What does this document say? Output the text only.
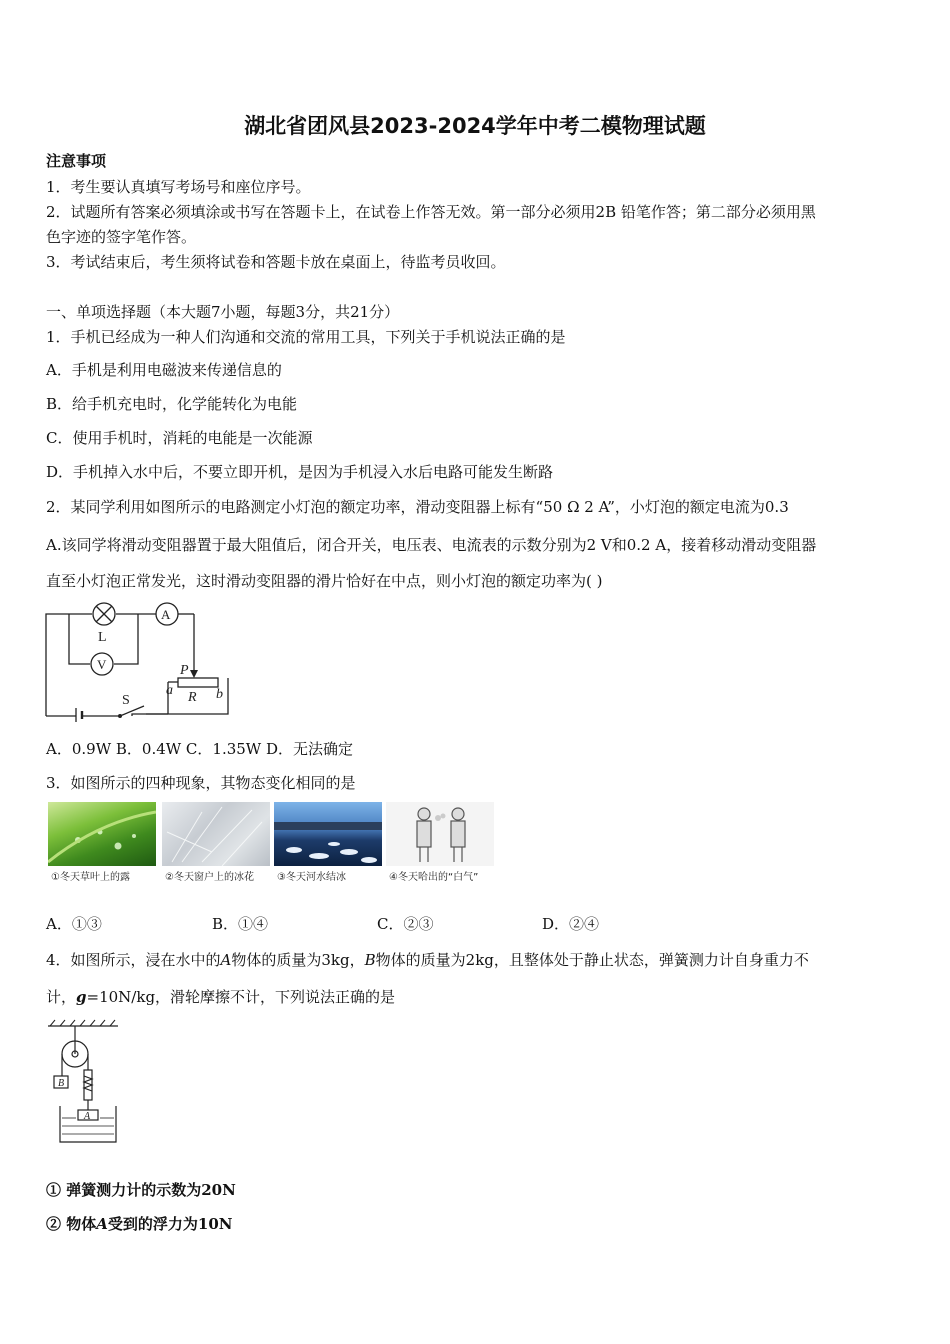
湖北省团风县2023-2024学年中考二模物理试题
注意事项
1．考生要认真填写考场号和座位序号。
2．试题所有答案必须填涂或书写在答题卡上，在试卷上作答无效。第一部分必须用2B 铅笔作答；第二部分必须用黑
色字迹的签字笔作答。
3．考试结束后，考生须将试卷和答题卡放在桌面上，待监考员收回。
一、单项选择题（本大题7小题，每题3分，共21分）
1．手机已经成为一种人们沟通和交流的常用工具，下列关于手机说法正确的是
A．手机是利用电磁波来传递信息的
B．给手机充电时，化学能转化为电能
C．使用手机时，消耗的电能是一次能源
D．手机掉入水中后，不要立即开机，是因为手机浸入水后电路可能发生断路
2．某同学利用如图所示的电路测定小灯泡的额定功率，滑动变阻器上标有“50 Ω 2 A”，小灯泡的额定电流为0.3
A.该同学将滑动变阻器置于最大阻值后，闭合开关，电压表、电流表的示数分别为2 V和0.2 A，接着移动滑动变阻器
直至小灯泡正常发光，这时滑动变阻器的滑片恰好在中点，则小灯泡的额定功率为( )
A
V
L
P
R
a	b
S
A．0.9W B．0.4W C．1.35W D．无法确定
3．如图所示的四种现象，其物态变化相同的是
①冬天草叶上的露	②冬天窗户上的冰花 ③冬天河水结冰	④冬天哈出的“白气”
A．①③	B．①④	C．②③	D．②④
4．如图所示，浸在水中的A物体的质量为3kg，B物体的质量为2kg，且整体处于静止状态，弹簧测力计自身重力不
计，g=10N/kg，滑轮摩擦不计，下列说法正确的是
B
A
① 弹簧测力计的示数为20N
② 物体A受到的浮力为10N
